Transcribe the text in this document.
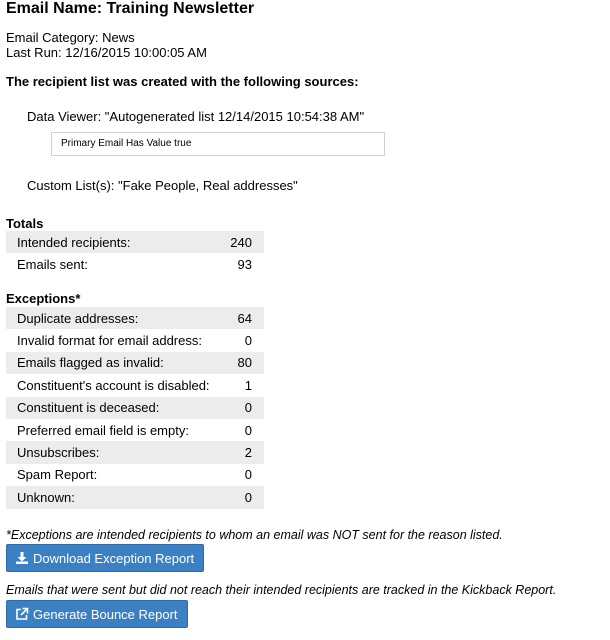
Email Name: Training Newsletter
Email Category: News
Last Run: 12/16/2015 10:00:05 AM
The recipient list was created with the following sources:
Data Viewer: "Autogenerated list 12/14/2015 10:54:38 AM"
Primary Email Has Value true
Custom List(s): "Fake People, Real addresses"
Totals
Intended recipients:	240
Emails sent:	93
Exceptions*
Duplicate addresses:	64
Invalid format for email address:	0
Emails flagged as invalid:	80
Constituent's account is disabled:	1
Constituent is deceased:	0
Preferred email field is empty:	0
Unsubscribes:	2
Spam Report:	0
Unknown:	0
*Exceptions are intended recipients to whom an email was NOT sent for the reason listed.
Download Exception Report
Emails that were sent but did not reach their intended recipients are tracked in the Kickback Report.
Generate Bounce Report
